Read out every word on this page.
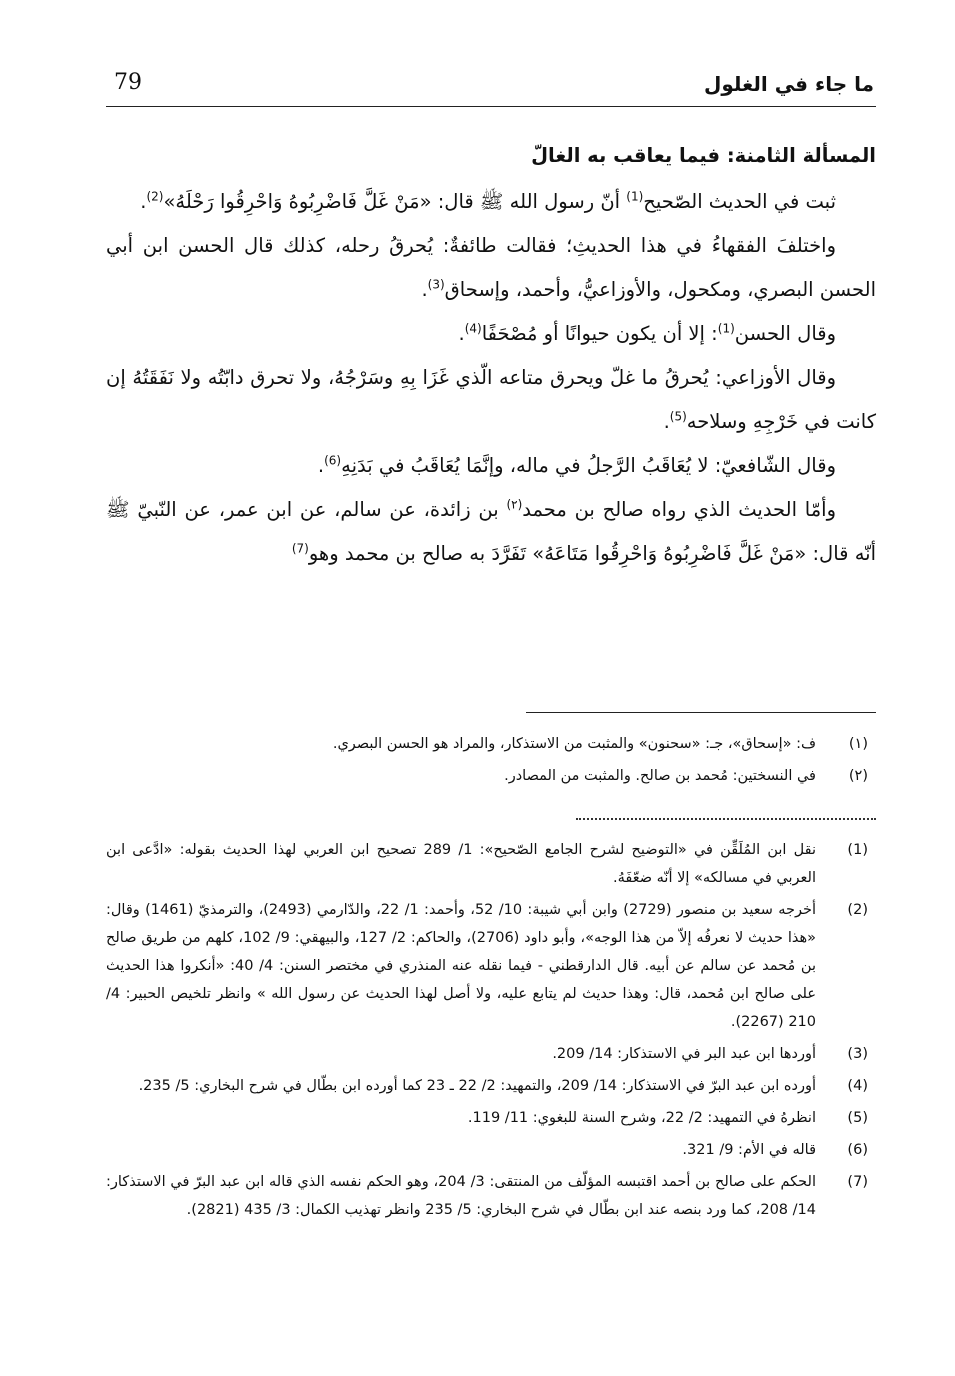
79	ما جاء في الغلول

المسألة الثامنة: فيما يعاقب به الغالّ

ثبت في الحديث الصّحيح$^{(1)}$ أنّ رسول الله ﷺ قال: «مَنْ غَلَّ فَاضْرِبُوهُ وَاحْرِقُوا رَحْلَهُ»$^{(2)}$.

واختلفَ الفقهاءُ في هذا الحديثِ؛ فقالت طائفةٌ: يُحرقُ رحله، كذلك قال الحسن ابن أبي الحسن البصري، ومكحول، والأوزاعيُّ، وأحمد، وإسحاق$^{(3)}$.

وقال الحسن$^{(1)}$: إلا أن يكون حيوانًا أو مُصْحَفًا$^{(4)}$.

وقال الأوزاعي: يُحرقُ ما غلّ ويحرق متاعه الّذي غَزَا بِهِ وسَرْجُهُ، ولا تحرق دابّتُه ولا نَفَقَتُهُ إن كانت في خَرْجِهِ وسلاحه$^{(5)}$.

وقال الشّافعيّ: لا يُعَاقَبُ الرَّجلُ في ماله، وإنَّمَا يُعَاقَبُ في بَدَنِهِ$^{(6)}$.

وأمّا الحديث الذي رواه صالح بن محمد$^{(٢)}$ بن زائدة، عن سالم، عن ابن عمر، عن النّبيّ ﷺ أنّه قال: «مَنْ غَلَّ فَاضْرِبُوهُ وَاحْرِقُوا مَتَاعَهُ» تَفَرَّدَ به صالح بن محمد وهو$^{(7)}$

(١)
ف: «إسحاق»، جـ: «سحنون» والمثبت من الاستذكار، والمراد هو الحسن البصري.
(٢)
في النسختين: مُحمد بن صالح. والمثبت من المصادر.
(1)
نقل ابن المُلَقِّن في «التوضيح لشرح الجامع الصّحيح»: 1/ 289 تصحيح ابن العربي لهذا الحديث بقوله: «ادَّعى ابن العربي في مسالكه» إلا أنّه ضعّفَهُ.
(2)
أخرجه سعيد بن منصور (2729) وابن أبي شيبة: 10/ 52، وأحمد: 1/ 22، والدّارمي (2493)، والترمذيّ (1461) وقال: «هذا حديث لا نعرفُه إلاّ من هذا الوجه»، وأبو داود (2706)، والحاكم: 2/ 127، والبيهقي: 9/ 102، كلهم من طريق صالح بن مُحمد عن سالم عن أبيه. قال الدارقطني - فيما نقله عنه المنذري في مختصر السنن: 4/ 40: «أنكروا هذا الحديث على صالح ابن مُحمد، قال: وهذا حديث لم يتابع عليه، ولا أصل لهذا الحديث عن رسول الله » وانظر تلخيص الحبير: 4/ 210 (2267).
(3)
أوردها ابن عبد البر في الاستذكار: 14/ 209.
(4)
أورده ابن عبد البرّ في الاستذكار: 14/ 209، والتمهيد: 2/ 22 ـ 23 كما أورده ابن بطّال في شرح البخاري: 5/ 235.
(5)
انظرهُ في التمهيد: 2/ 22، وشرح السنة للبغوي: 11/ 119.
(6)
قاله في الأم: 9/ 321.
(7)
الحكم على صالح بن أحمد اقتبسه المؤلّف من المنتقى: 3/ 204، وهو الحكم نفسه الذي قاله ابن عبد البرّ في الاستذكار: 14/ 208، كما ورد بنصه عند ابن بطّال في شرح البخاري: 5/ 235 وانظر تهذيب الكمال: 3/ 435 (2821).
